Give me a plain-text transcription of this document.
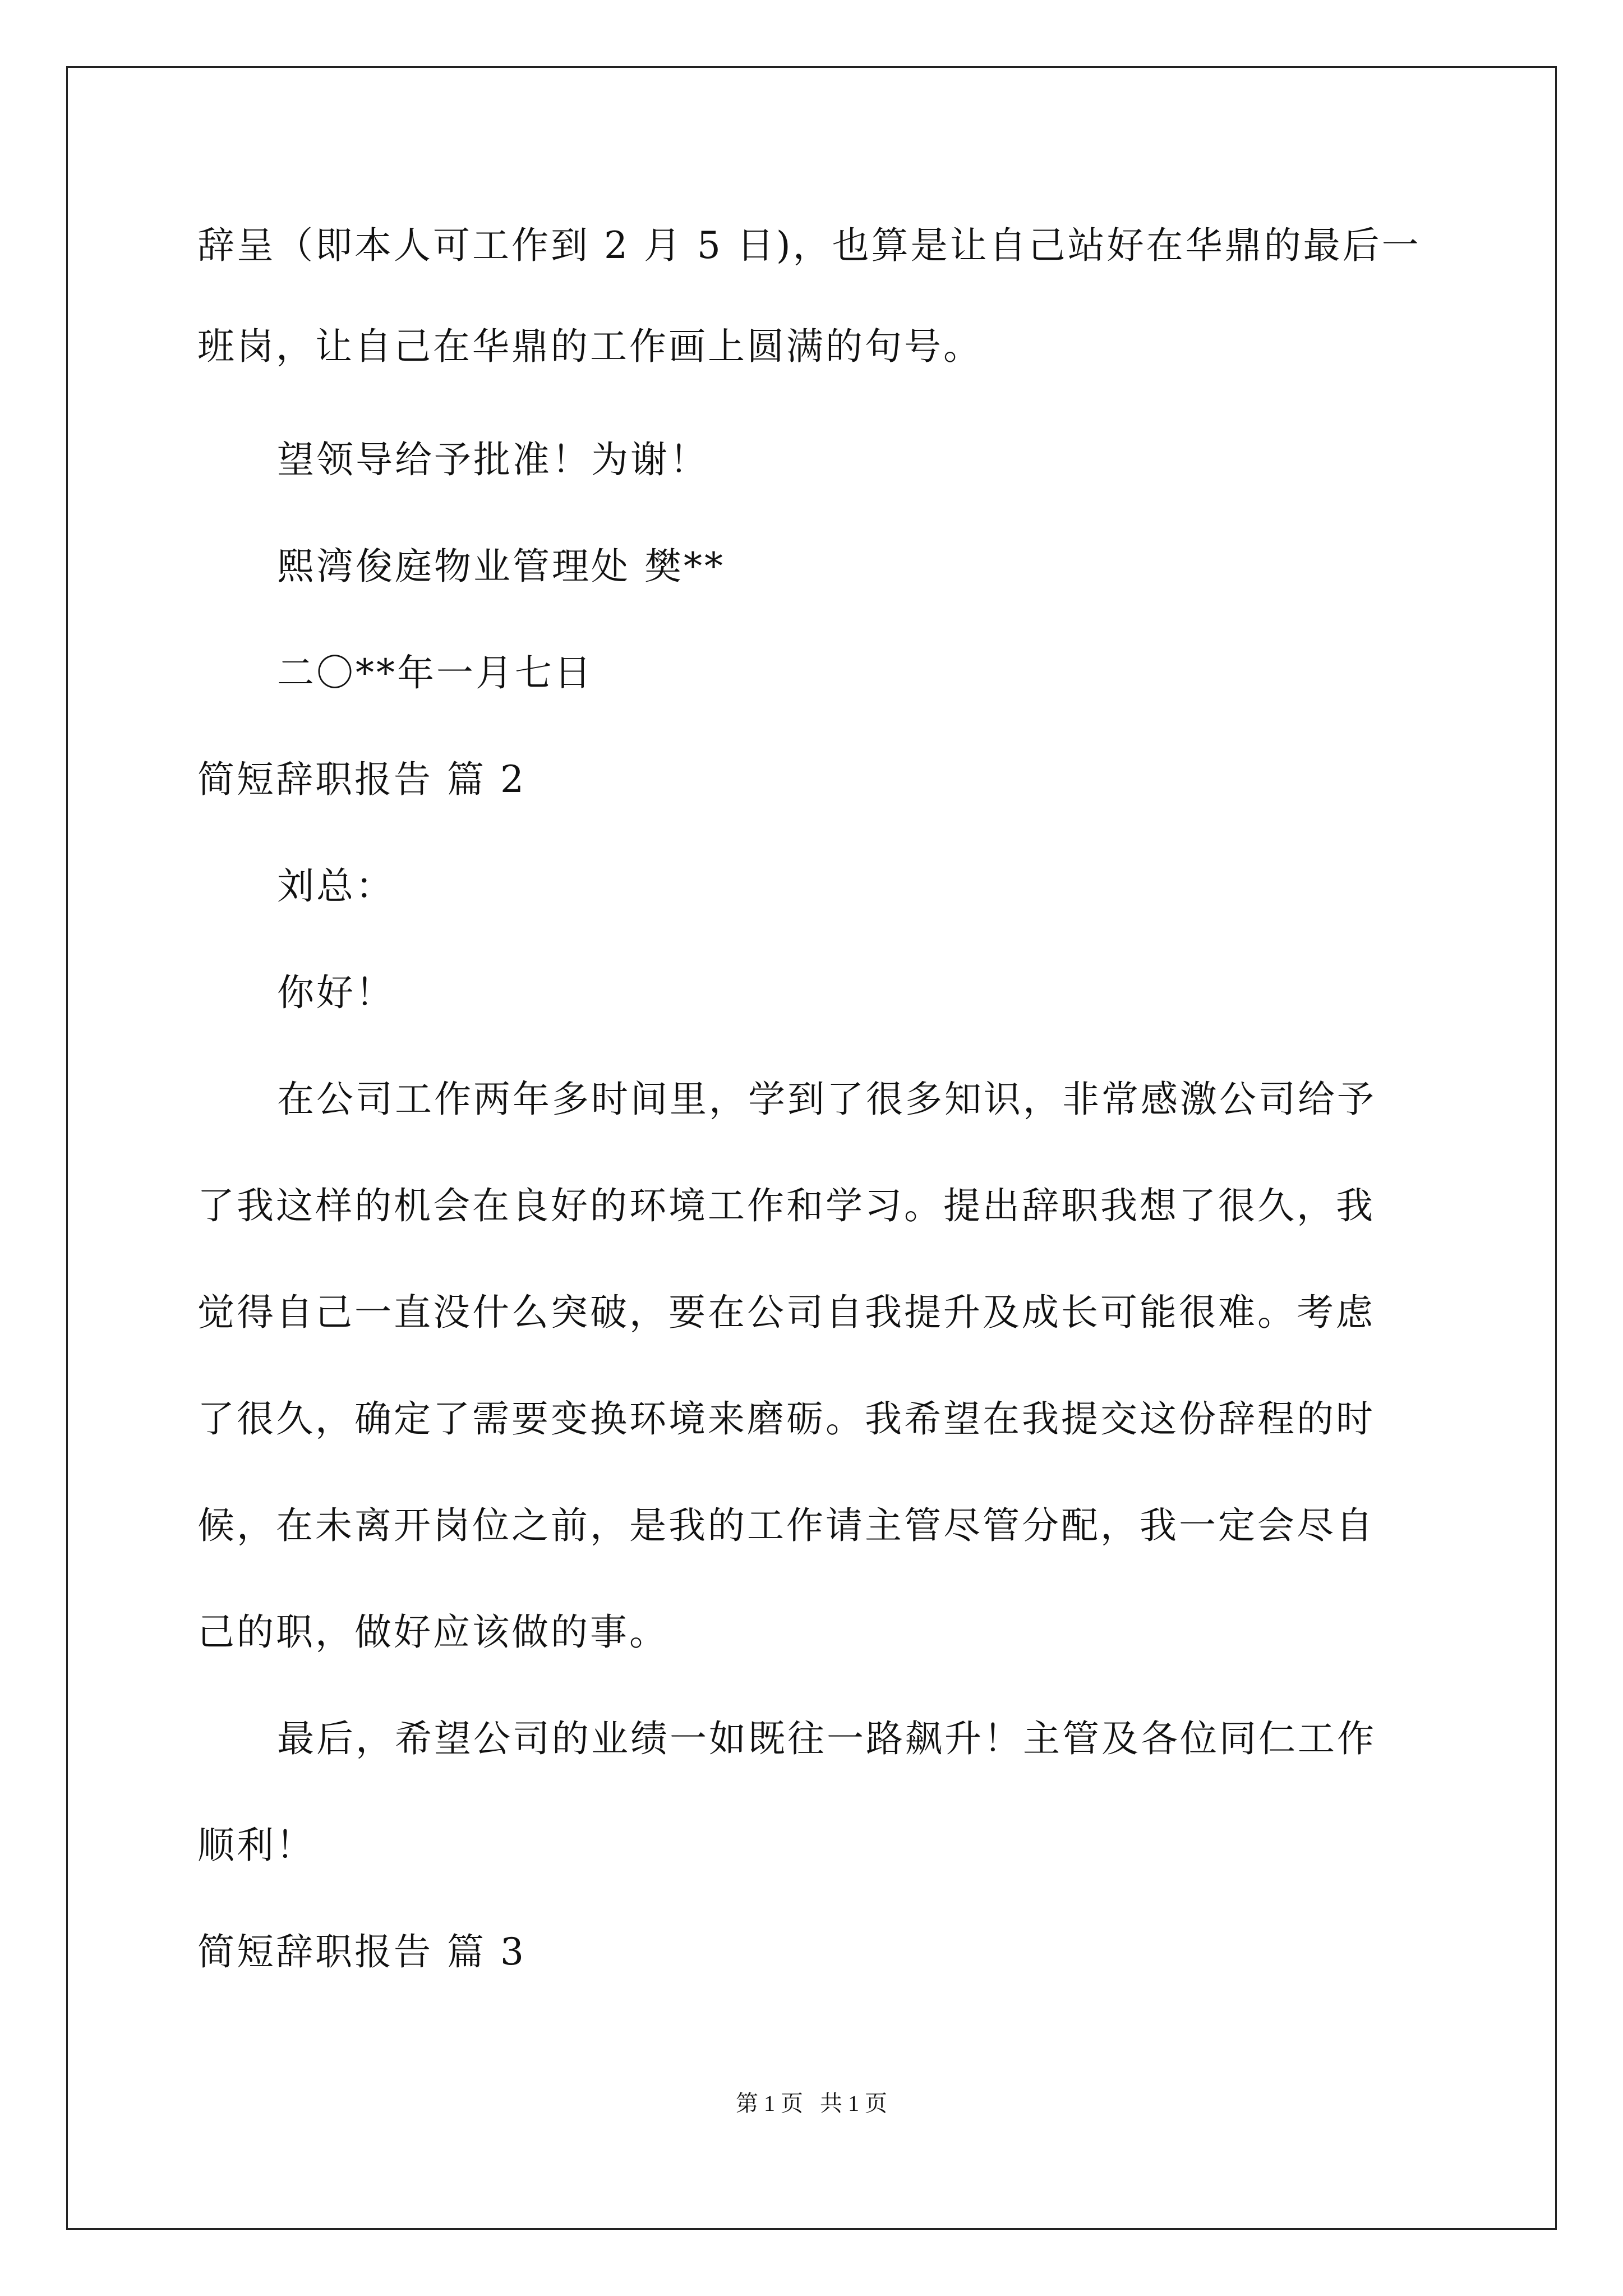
辞呈（即本人可工作到 2 月 5 日)，也算是让自己站好在华鼎的最后一
班岗，让自己在华鼎的工作画上圆满的句号。
望领导给予批准！为谢！
熙湾俊庭物业管理处 樊**
二〇**年一月七日
简短辞职报告 篇 2
刘总：
你好！
在公司工作两年多时间里，学到了很多知识，非常感激公司给予
了我这样的机会在良好的环境工作和学习。提出辞职我想了很久，我
觉得自己一直没什么突破，要在公司自我提升及成长可能很难。考虑
了很久，确定了需要变换环境来磨砺。我希望在我提交这份辞程的时
候，在未离开岗位之前，是我的工作请主管尽管分配，我一定会尽自
己的职，做好应该做的事。
最后，希望公司的业绩一如既往一路飙升！主管及各位同仁工作
顺利！
简短辞职报告 篇 3
第 1 页   共 1 页
